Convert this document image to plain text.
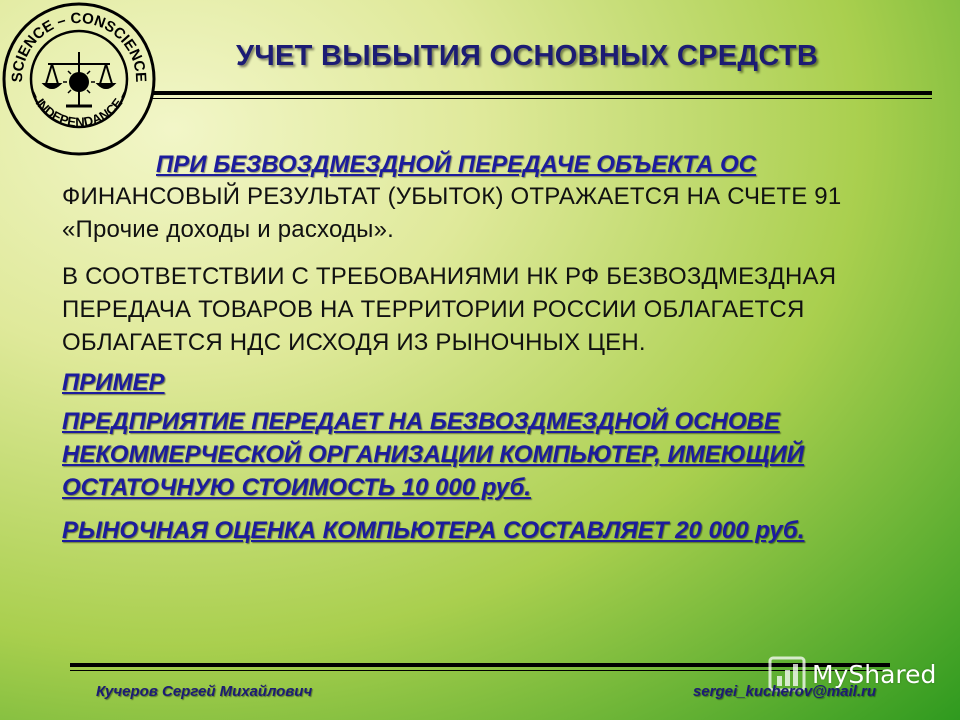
SCIENCE – CONSCIENCE
– INDEPENDANCE –
УЧЕТ ВЫБЫТИЯ ОСНОВНЫХ СРЕДСТВ
ПРИ БЕЗВОЗДМЕЗДНОЙ ПЕРЕДАЧЕ ОБЪЕКТА ОС

ФИНАНСОВЫЙ РЕЗУЛЬТАТ (УБЫТОК) ОТРАЖАЕТСЯ НА СЧЕТЕ 91 «Прочие доходы и расходы».

В СООТВЕТСТВИИ С ТРЕБОВАНИЯМИ НК РФ БЕЗВОЗДМЕЗДНАЯ ПЕРЕДАЧА ТОВАРОВ НА ТЕРРИТОРИИ РОССИИ ОБЛАГАЕТСЯ ОБЛАГАЕТСЯ НДС ИСХОДЯ ИЗ РЫНОЧНЫХ ЦЕН.

ПРИМЕР

ПРЕДПРИЯТИЕ ПЕРЕДАЕТ НА БЕЗВОЗДМЕЗДНОЙ ОСНОВЕ НЕКОММЕРЧЕСКОЙ ОРГАНИЗАЦИИ КОМПЬЮТЕР, ИМЕЮЩИЙ ОСТАТОЧНУЮ СТОИМОСТЬ 10 000 руб.

РЫНОЧНАЯ ОЦЕНКА КОМПЬЮТЕРА СОСТАВЛЯЕТ 20 000 руб.

MyShared
Кучеров Сергей Михайлович	sergei_kucherov@mail.ru
